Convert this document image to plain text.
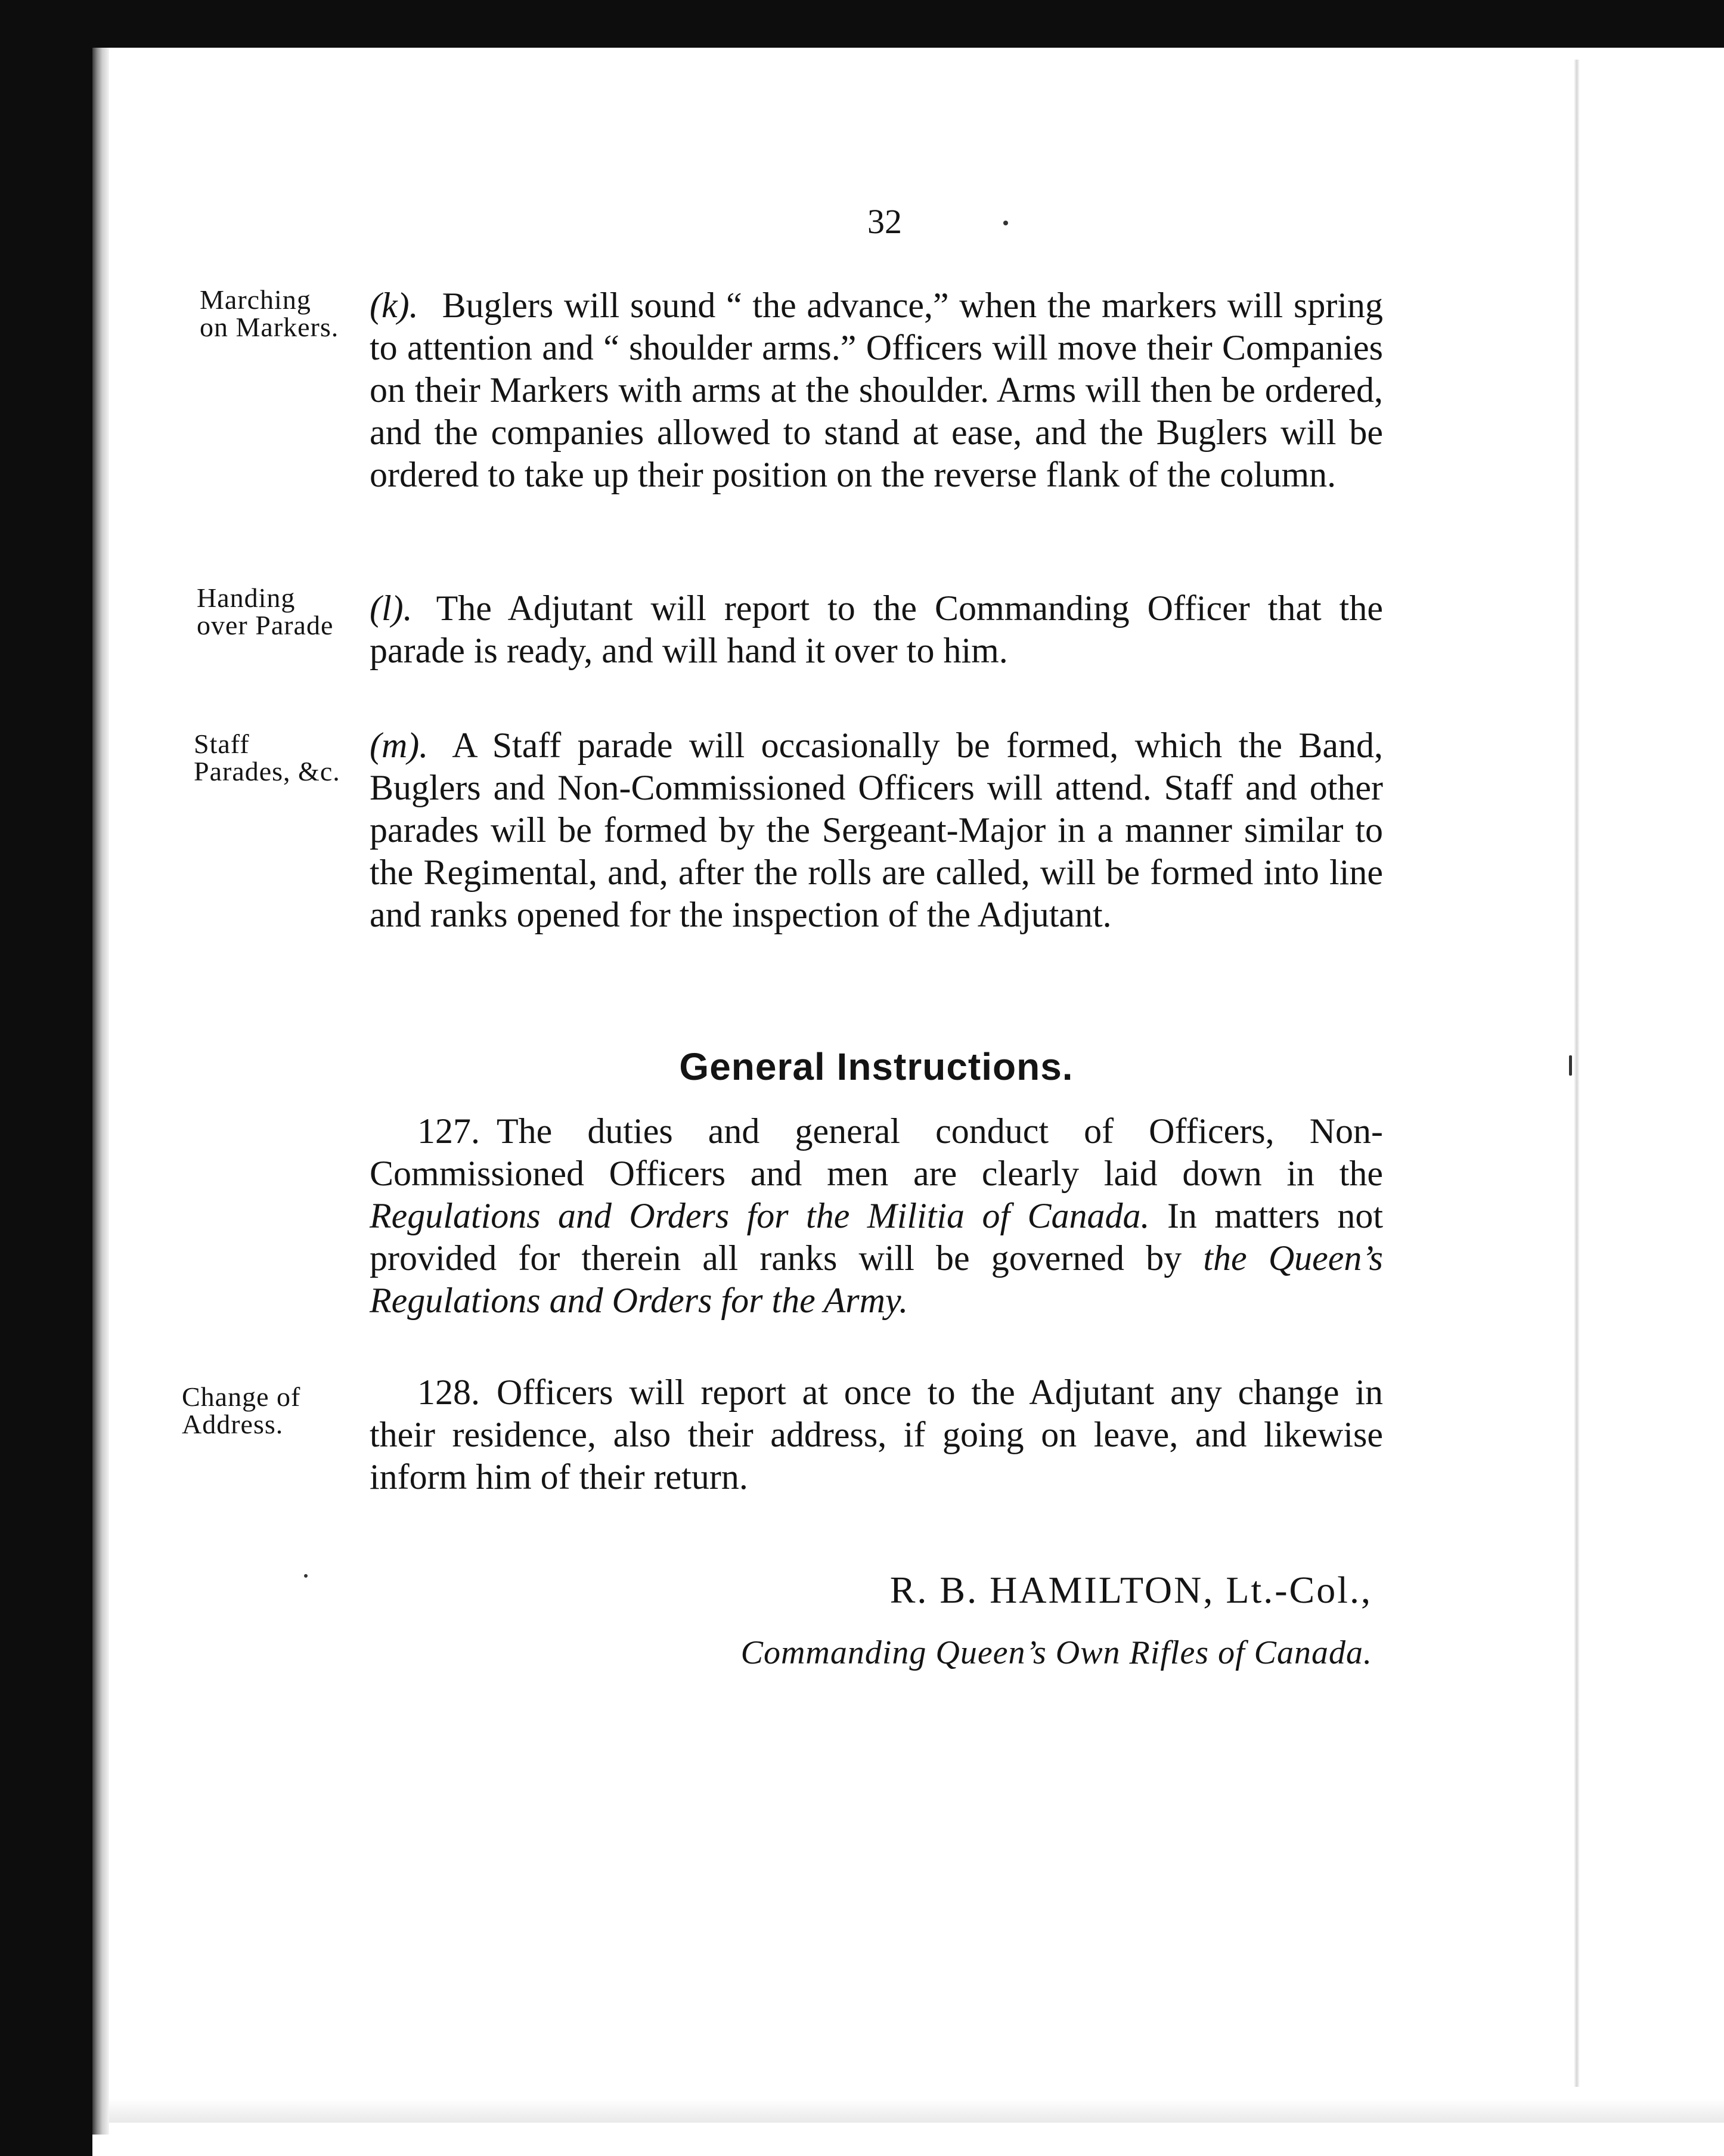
32
Marching
on Markers.
(k). Buglers will sound “ the advance,” when the markers will spring to attention and “ shoulder arms.” Officers will move their Companies on their Markers with arms at the shoulder. Arms will then be ordered, and the companies allowed to stand at ease, and the Buglers will be ordered to take up their position on the reverse flank of the column.
Handing
over Parade (l). The Adjutant will report to the Commanding Officer that the parade is ready, and will hand it over to him.
Staff
Parades, &c.
(m). A Staff parade will occasionally be formed, which the Band, Buglers and Non-Commissioned Officers will attend. Staff and other parades will be formed by the Sergeant-Major in a manner similar to the Regimental, and, after the rolls are called, will be formed into line and ranks opened for the inspection of the Adjutant.
General Instructions.
127. The duties and general conduct of Officers, Non-Commissioned Officers and men are clearly laid down in the Regulations and Orders for the Militia of Canada. In matters not provided for therein all ranks will be governed by the Queen’s Regulations and Orders for the Army.
Change of
Address.
128. Officers will report at once to the Adjutant any change in their residence, also their address, if going on leave, and likewise inform him of their return.
R. B. HAMILTON, Lt.-Col.,
Commanding Queen’s Own Rifles of Canada.
